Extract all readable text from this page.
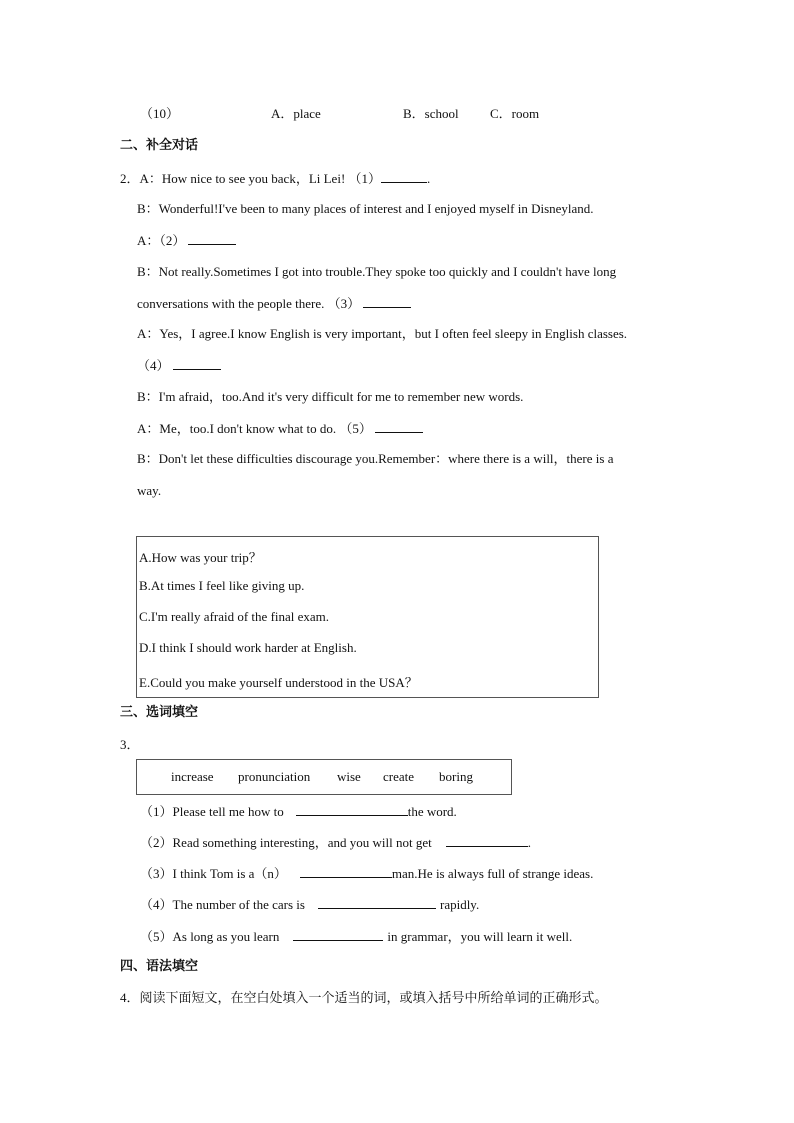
（10）	A．place	B．school C．room
二、补全对话
2．A：How nice to see you back，Li Lei! （1）	.
B：Wonderful!I've been to many places of interest and I enjoyed myself in Disneyland.
A：（2）
B：Not really.Sometimes I got into trouble.They spoke too quickly and I couldn't have long
conversations with the people there. （3）
A：Yes，I agree.I know English is very important，but I often feel sleepy in English classes.
（4）
B：I'm afraid，too.And it's very difficult for me to remember new words.
A：Me，too.I don't know what to do. （5）
B：Don't let these difficulties discourage you.Remember：where there is a will，there is a
way.
A.How was your trip？
B.At times I feel like giving up.
C.I'm really afraid of the final exam.
D.I think I should work harder at English.
E.Could you make yourself understood in the USA？
三、选词填空
3．
increase pronunciation wise create boring
（1）Please tell me how to	the word.
（2）Read something interesting，and you will not get	.
（3）I think Tom is a（n）	man.He is always full of strange ideas.
（4）The number of the cars is	rapidly.
（5）As long as you learn	in grammar，you will learn it well.
四、语法填空
4．阅读下面短文，在空白处填入一个适当的词，或填入括号中所给单词的正确形式。
